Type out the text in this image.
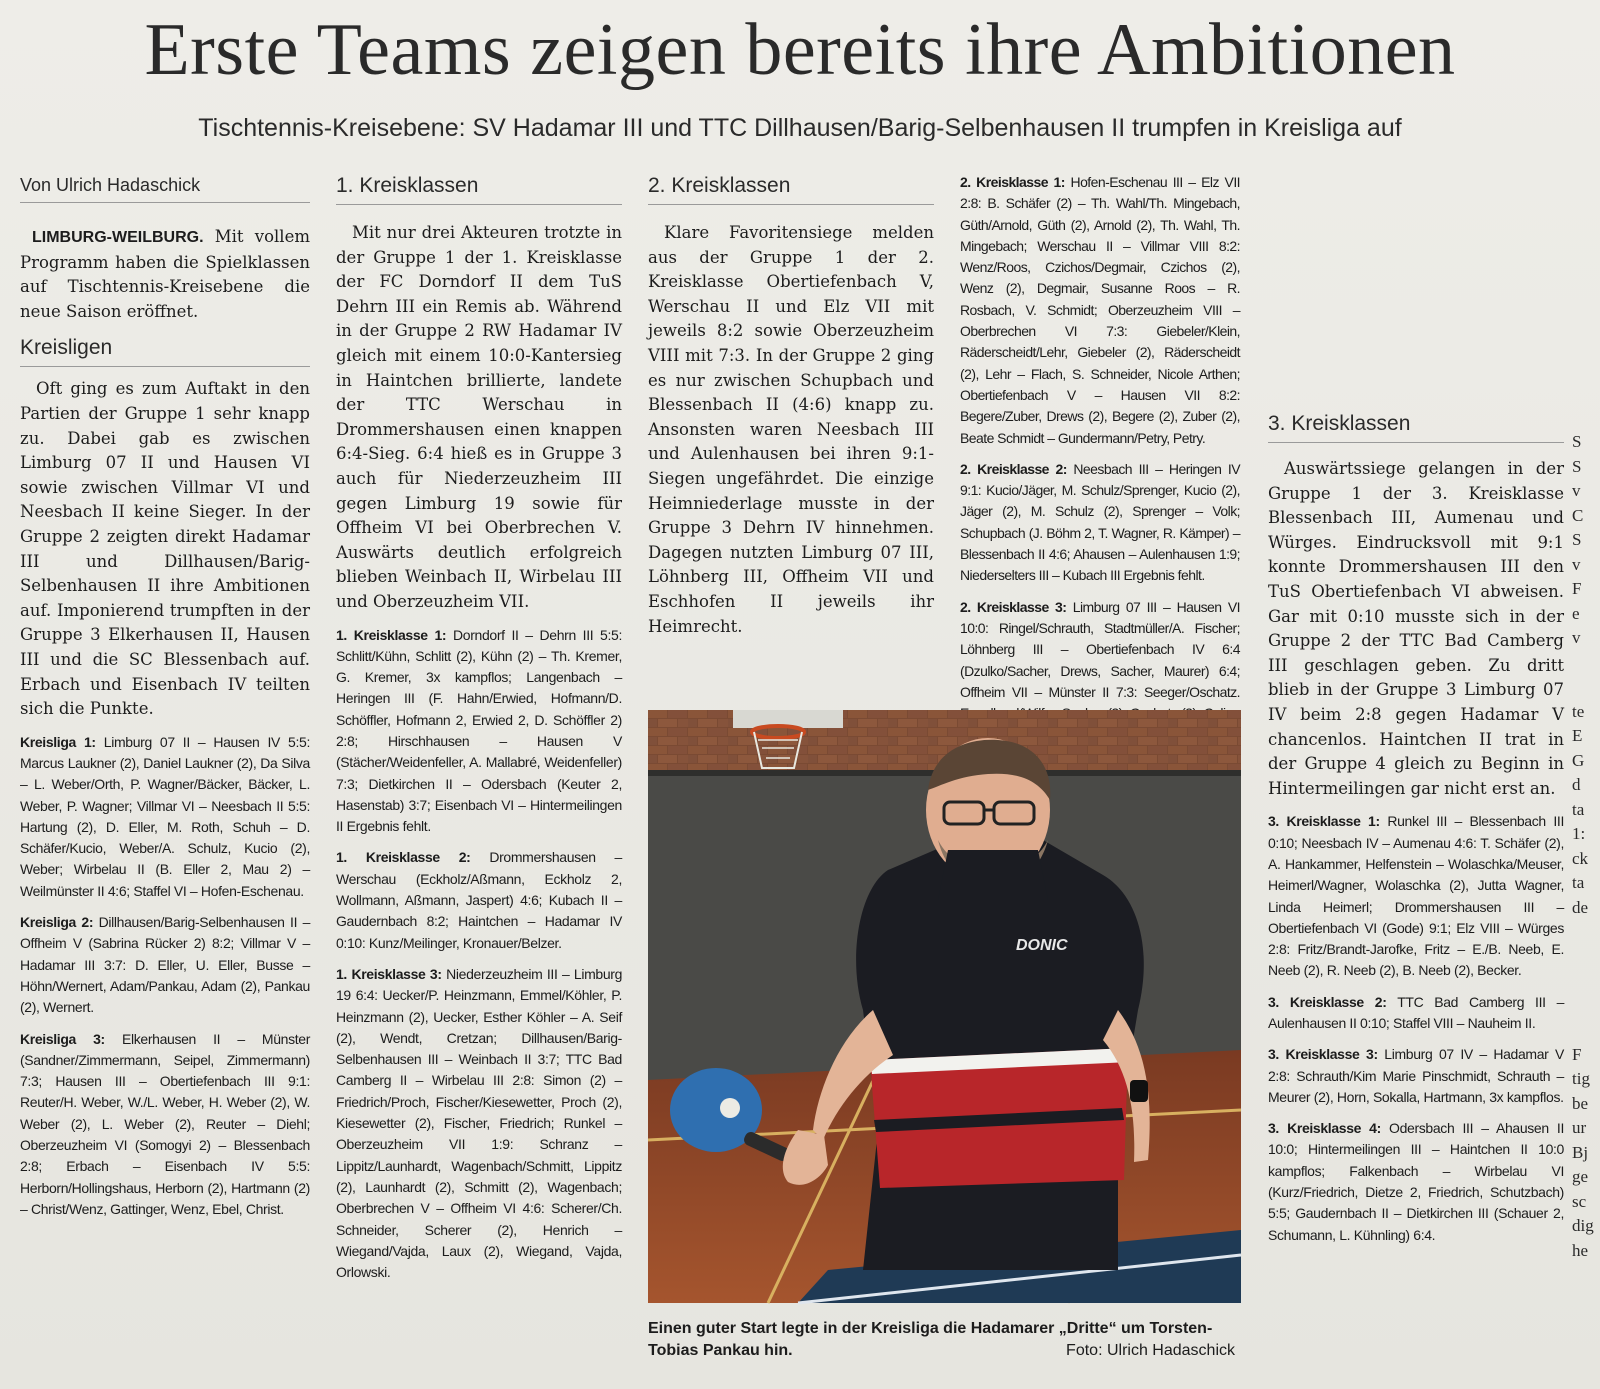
Erste Teams zeigen bereits ihre Ambitionen
Tischtennis-Kreisebene: SV Hadamar III und TTC Dillhausen/Barig-Selbenhausen II trumpfen in Kreisliga auf
Von Ulrich Hadaschick

LIMBURG-WEILBURG. Mit vollem Programm haben die Spielklassen auf Tischtennis-Kreisebene die neue Saison eröffnet.

Kreisligen

Oft ging es zum Auftakt in den Partien der Gruppe 1 sehr knapp zu. Dabei gab es zwischen Limburg 07 II und Hausen VI sowie zwischen Villmar VI und Neesbach II keine Sieger. In der Gruppe 2 zeigten direkt Hadamar III und Dillhausen/Barig-Selbenhausen II ihre Ambitionen auf. Imponierend trumpften in der Gruppe 3 Elkerhausen II, Hausen III und die SC Blessenbach auf. Erbach und Eisenbach IV teilten sich die Punkte.

Kreisliga 1: Limburg 07 II – Hausen IV 5:5: Marcus Laukner (2), Daniel Laukner (2), Da Silva – L. Weber/Orth, P. Wagner/Bäcker, Bäcker, L. Weber, P. Wagner; Villmar VI – Neesbach II 5:5: Hartung (2), D. Eller, M. Roth, Schuh – D. Schäfer/Kucio, Weber/A. Schulz, Kucio (2), Weber; Wirbelau II (B. Eller 2, Mau 2) – Weilmünster II 4:6; Staffel VI – Hofen-Eschenau.

Kreisliga 2: Dillhausen/Barig-Selbenhausen II – Offheim V (Sabrina Rücker 2) 8:2; Villmar V – Hadamar III 3:7: D. Eller, U. Eller, Busse – Höhn/Wernert, Adam/Pankau, Adam (2), Pankau (2), Wernert.

Kreisliga 3: Elkerhausen II – Münster (Sandner/Zimmermann, Seipel, Zimmermann) 7:3; Hausen III – Obertiefenbach III 9:1: Reuter/H. Weber, W./L. Weber, H. Weber (2), W. Weber (2), L. Weber (2), Reuter – Diehl; Oberzeuzheim VI (Somogyi 2) – Blessenbach 2:8; Erbach – Eisenbach IV 5:5: Herborn/Hollingshaus, Herborn (2), Hartmann (2) – Christ/Wenz, Gattinger, Wenz, Ebel, Christ.

1. Kreisklassen

Mit nur drei Akteuren trotzte in der Gruppe 1 der 1. Kreisklasse der FC Dorndorf II dem TuS Dehrn III ein Remis ab. Während in der Gruppe 2 RW Hadamar IV gleich mit einem 10:0-Kantersieg in Haintchen brillierte, landete der TTC Werschau in Drommershausen einen knappen 6:4-Sieg. 6:4 hieß es in Gruppe 3 auch für Niederzeuzheim III gegen Limburg 19 sowie für Offheim VI bei Oberbrechen V. Auswärts deutlich erfolgreich blieben Weinbach II, Wirbelau III und Oberzeuzheim VII.

1. Kreisklasse 1: Dorndorf II – Dehrn III 5:5: Schlitt/Kühn, Schlitt (2), Kühn (2) – Th. Kremer, G. Kremer, 3x kampflos; Langenbach – Heringen III (F. Hahn/Erwied, Hofmann/D. Schöffler, Hofmann 2, Erwied 2, D. Schöffler 2) 2:8; Hirschhausen – Hausen V (Stächer/Weidenfeller, A. Mallabré, Weidenfeller) 7:3; Dietkirchen II – Odersbach (Keuter 2, Hasenstab) 3:7; Eisenbach VI – Hintermeilingen II Ergebnis fehlt.

1. Kreisklasse 2: Drommershausen – Werschau (Eckholz/Aßmann, Eckholz 2, Wollmann, Aßmann, Jaspert) 4:6; Kubach II – Gaudernbach 8:2; Haintchen – Hadamar IV 0:10: Kunz/Meilinger, Kronauer/Belzer.

1. Kreisklasse 3: Niederzeuzheim III – Limburg 19 6:4: Uecker/P. Heinzmann, Emmel/Köhler, P. Heinzmann (2), Uecker, Esther Köhler – A. Seif (2), Wendt, Cretzan; Dillhausen/Barig-Selbenhausen III – Weinbach II 3:7; TTC Bad Camberg II – Wirbelau III 2:8: Simon (2) – Friedrich/Proch, Fischer/Kiesewetter, Proch (2), Kiesewetter (2), Fischer, Friedrich; Runkel – Oberzeuzheim VII 1:9: Schranz – Lippitz/Launhardt, Wagenbach/Schmitt, Lippitz (2), Launhardt (2), Schmitt (2), Wagenbach; Oberbrechen V – Offheim VI 4:6: Scherer/Ch. Schneider, Scherer (2), Henrich – Wiegand/Vajda, Laux (2), Wiegand, Vajda, Orlowski.

2. Kreisklassen

Klare Favoritensiege melden aus der Gruppe 1 der 2. Kreisklasse Obertiefenbach V, Werschau II und Elz VII mit jeweils 8:2 sowie Oberzeuzheim VIII mit 7:3. In der Gruppe 2 ging es nur zwischen Schupbach und Blessenbach II (4:6) knapp zu. Ansonsten waren Neesbach III und Aulenhausen bei ihren 9:1-Siegen ungefährdet. Die einzige Heimniederlage musste in der Gruppe 3 Dehrn IV hinnehmen. Dagegen nutzten Limburg 07 III, Löhnberg III, Offheim VII und Eschhofen II jeweils ihr Heimrecht.

2. Kreisklasse 1: Hofen-Eschenau III – Elz VII 2:8: B. Schäfer (2) – Th. Wahl/Th. Mingebach, Güth/Arnold, Güth (2), Arnold (2), Th. Wahl, Th. Mingebach; Werschau II – Villmar VIII 8:2: Wenz/Roos, Czichos/Degmair, Czichos (2), Wenz (2), Degmair, Susanne Roos – R. Rosbach, V. Schmidt; Oberzeuzheim VIII – Oberbrechen VI 7:3: Giebeler/Klein, Räderscheidt/Lehr, Giebeler (2), Räderscheidt (2), Lehr – Flach, S. Schneider, Nicole Arthen; Obertiefenbach V – Hausen VII 8:2: Begere/Zuber, Drews (2), Begere (2), Zuber (2), Beate Schmidt – Gundermann/Petry, Petry.

2. Kreisklasse 2: Neesbach III – Heringen IV 9:1: Kucio/Jäger, M. Schulz/Sprenger, Kucio (2), Jäger (2), M. Schulz (2), Sprenger – Volk; Schupbach (J. Böhm 2, T. Wagner, R. Kämper) – Blessenbach II 4:6; Ahausen – Aulenhausen 1:9; Niederselters III – Kubach III Ergebnis fehlt.

2. Kreisklasse 3: Limburg 07 III – Hausen VI 10:0: Ringel/Schrauth, Stadtmüller/A. Fischer; Löhnberg III – Obertiefenbach IV 6:4 (Dzulko/Sacher, Drews, Sacher, Maurer) 6:4; Offheim VII – Münster II 7:3: Seeger/Oschatz.

3. Kreisklassen

Auswärtssiege gelangen in der Gruppe 1 der 3. Kreisklasse Blessenbach III, Aumenau und Würges. Eindrucksvoll mit 9:1 konnte Drommershausen III den TuS Obertiefenbach VI abweisen. Gar mit 0:10 musste sich in der Gruppe 2 der TTC Bad Camberg III geschlagen geben. Zu dritt blieb in der Gruppe 3 Limburg 07 IV beim 2:8 gegen Hadamar V chancenlos. Haintchen II trat in der Gruppe 4 gleich zu Beginn in Hintermeilingen gar nicht erst an.

3. Kreisklasse 1: Runkel III – Blessenbach III 0:10; Neesbach IV – Aumenau 4:6: T. Schäfer (2), A. Hankammer, Helfenstein – Wolaschka/Meuser, Heimerl/Wagner, Wolaschka (2), Jutta Wagner, Linda Heimerl; Drommershausen III – Obertiefenbach VI (Gode) 9:1; Elz VIII – Würges 2:8: Fritz/Brandt-Jarofke, Fritz – E./B. Neeb, E. Neeb (2), R. Neeb (2), B. Neeb (2), Becker.

3. Kreisklasse 2: TTC Bad Camberg III – Aulenhausen II 0:10; Staffel VIII – Nauheim II.

3. Kreisklasse 3: Limburg 07 IV – Hadamar V 2:8: Schrauth/Kim Marie Pinschmidt, Schrauth – Meurer (2), Horn, Sokalla, Hartmann, 3x kampflos.

3. Kreisklasse 4: Odersbach III – Ahausen II 10:0; Hintermeilingen III – Haintchen II 10:0 kampflos; Falkenbach – Wirbelau VI (Kurz/Friedrich, Dietze 2, Friedrich, Schutzbach) 5:5; Gaudernbach II – Dietkirchen III (Schauer 2, Schumann, L. Kühnling) 6:4.

DONIC
Einen guter Start legte in der Kreisliga die Hadamarer „Dritte“ um Torsten-Tobias Pankau hin.	Foto: Ulrich Hadaschick
S
S
v
C
S
v
F
e
v

te
E
G
d
ta
1:
ck
ta
de

F
tig
be
ur
Bj
ge
sc
dig
he
